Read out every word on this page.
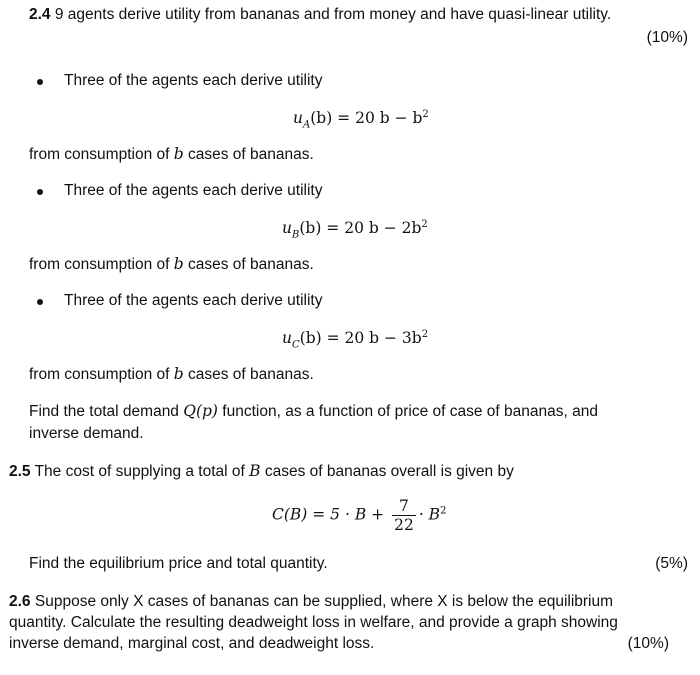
2.4 9 agents derive utility from bananas and from money and have quasi-linear utility.
(10%)
Three of the agents each derive utility
$u_A(b) = 20$ $b - b^2$
from consumption of b cases of bananas.
Three of the agents each derive utility
$u_B(b) = 20$ $b - 2b^2$
from consumption of b cases of bananas.
Three of the agents each derive utility
$u_C(b) = 20$ $b - 3b^2$
from consumption of b cases of bananas.
Find the total demand Q(p) function, as a function of price of case of bananas, and
inverse demand.
2.5 The cost of supplying a total of B cases of bananas overall is given by
$C(B) = 5 \cdot B + \frac{7}{22} \cdot B^2$
Find the equilibrium price and total quantity.	(5%)
2.6 Suppose only X cases of bananas can be supplied, where X is below the equilibrium
quantity. Calculate the resulting deadweight loss in welfare, and provide a graph showing
inverse demand, marginal cost, and deadweight loss.	(10%)
